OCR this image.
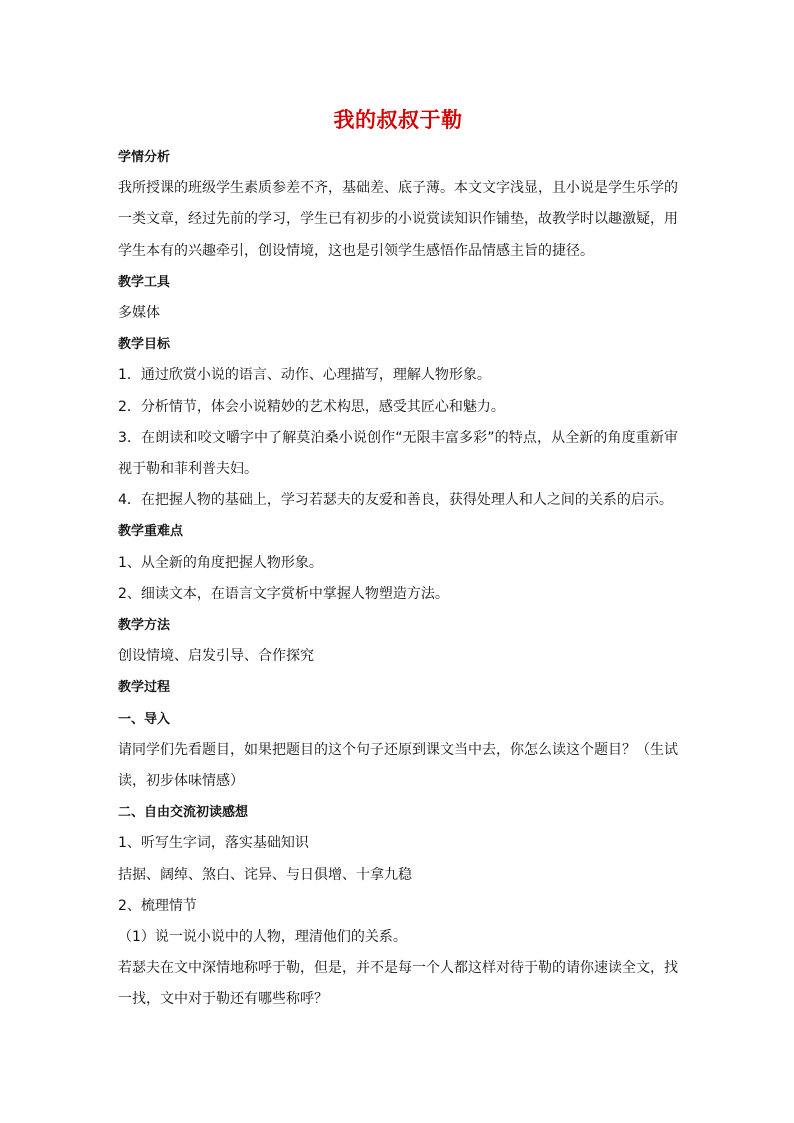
我的叔叔于勒

学情分析

我所授课的班级学生素质参差不齐，基础差、底子薄。本文文字浅显，且小说是学生乐学的一类文章，经过先前的学习，学生已有初步的小说赏读知识作铺垫，故教学时以趣激疑，用学生本有的兴趣牵引，创设情境，这也是引领学生感悟作品情感主旨的捷径。

教学工具

多媒体

教学目标

1．通过欣赏小说的语言、动作、心理描写，理解人物形象。

2．分析情节，体会小说精妙的艺术构思，感受其匠心和魅力。

3．在朗读和咬文嚼字中了解莫泊桑小说创作“无限丰富多彩”的特点，从全新的角度重新审视于勒和菲利普夫妇。

4．在把握人物的基础上，学习若瑟夫的友爱和善良，获得处理人和人之间的关系的启示。

教学重难点

1、从全新的角度把握人物形象。

2、细读文本，在语言文字赏析中掌握人物塑造方法。

教学方法

创设情境、启发引导、合作探究

教学过程

一、导入

请同学们先看题目，如果把题目的这个句子还原到课文当中去，你怎么读这个题目？（生试读，初步体味情感）

二、自由交流初读感想

1、听写生字词，落实基础知识

拮据、阔绰、煞白、诧异、与日俱增、十拿九稳

2、梳理情节

（1）说一说小说中的人物，理清他们的关系。

若瑟夫在文中深情地称呼于勒，但是，并不是每一个人都这样对待于勒的请你速读全文，找一找，文中对于勒还有哪些称呼？
